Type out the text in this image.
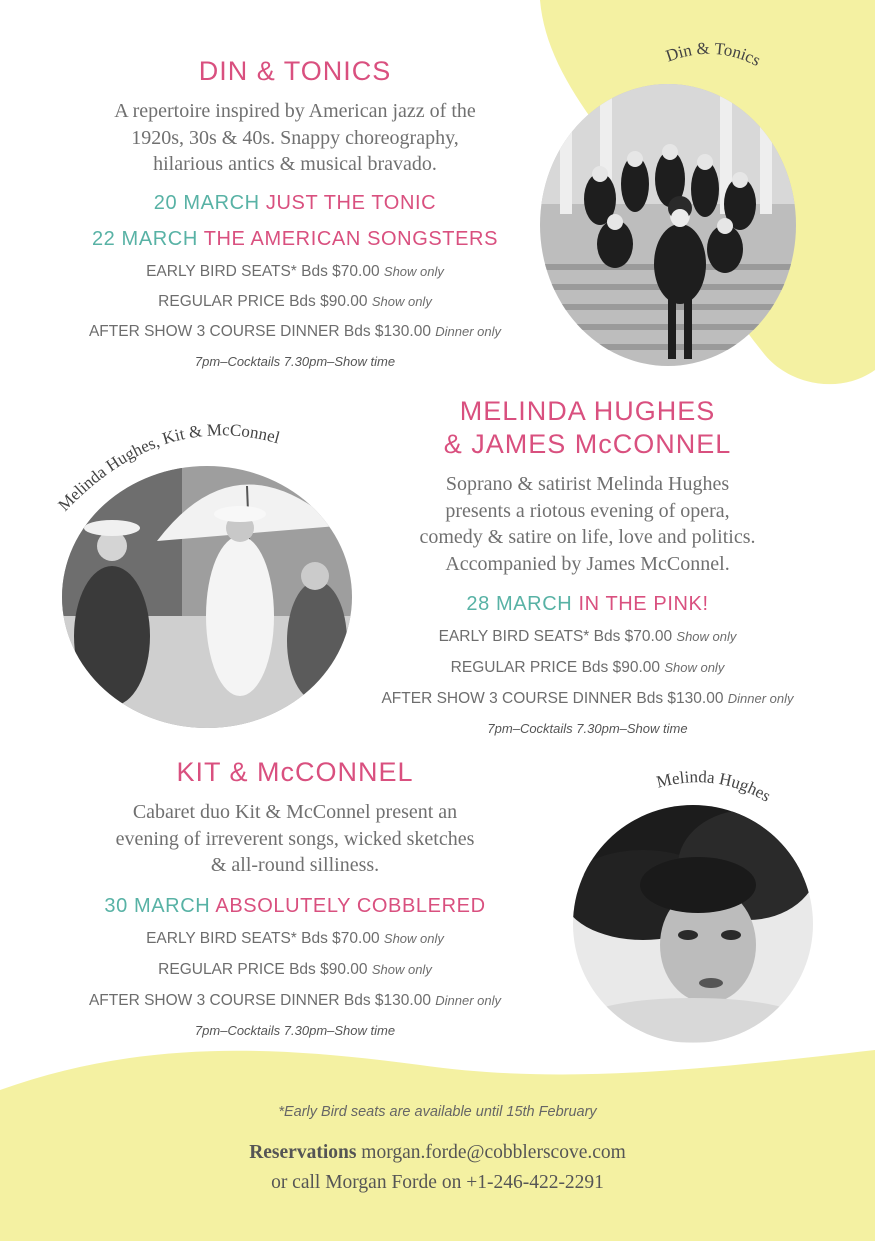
Din & Tonics

DIN & TONICS

A repertoire inspired by American jazz of the

1920s, 30s & 40s. Snappy choreography,

hilarious antics & musical bravado.

20 MARCH JUST THE TONIC

22 MARCH THE AMERICAN SONGSTERS

EARLY BIRD SEATS* Bds $70.00 Show only

REGULAR PRICE Bds $90.00 Show only

AFTER SHOW 3 COURSE DINNER Bds $130.00 Dinner only

7pm–Cocktails 7.30pm–Show time

Melinda Hughes, Kit & McConnel

MELINDA HUGHES
& JAMES McCONNEL

Soprano & satirist Melinda Hughes

presents a riotous evening of opera,

comedy & satire on life, love and politics.

Accompanied by James McConnel.

28 MARCH IN THE PINK!

EARLY BIRD SEATS* Bds $70.00 Show only

REGULAR PRICE Bds $90.00 Show only

AFTER SHOW 3 COURSE DINNER Bds $130.00 Dinner only

7pm–Cocktails 7.30pm–Show time

Melinda Hughes

KIT & McCONNEL

Cabaret duo Kit & McConnel present an

evening of irreverent songs, wicked sketches

& all-round silliness.

30 MARCH ABSOLUTELY COBBLERED

EARLY BIRD SEATS* Bds $70.00 Show only

REGULAR PRICE Bds $90.00 Show only

AFTER SHOW 3 COURSE DINNER Bds $130.00 Dinner only

7pm–Cocktails 7.30pm–Show time

*Early Bird seats are available until 15th February
Reservations morgan.forde@cobblerscove.com
or call Morgan Forde on +1-246-422-2291
